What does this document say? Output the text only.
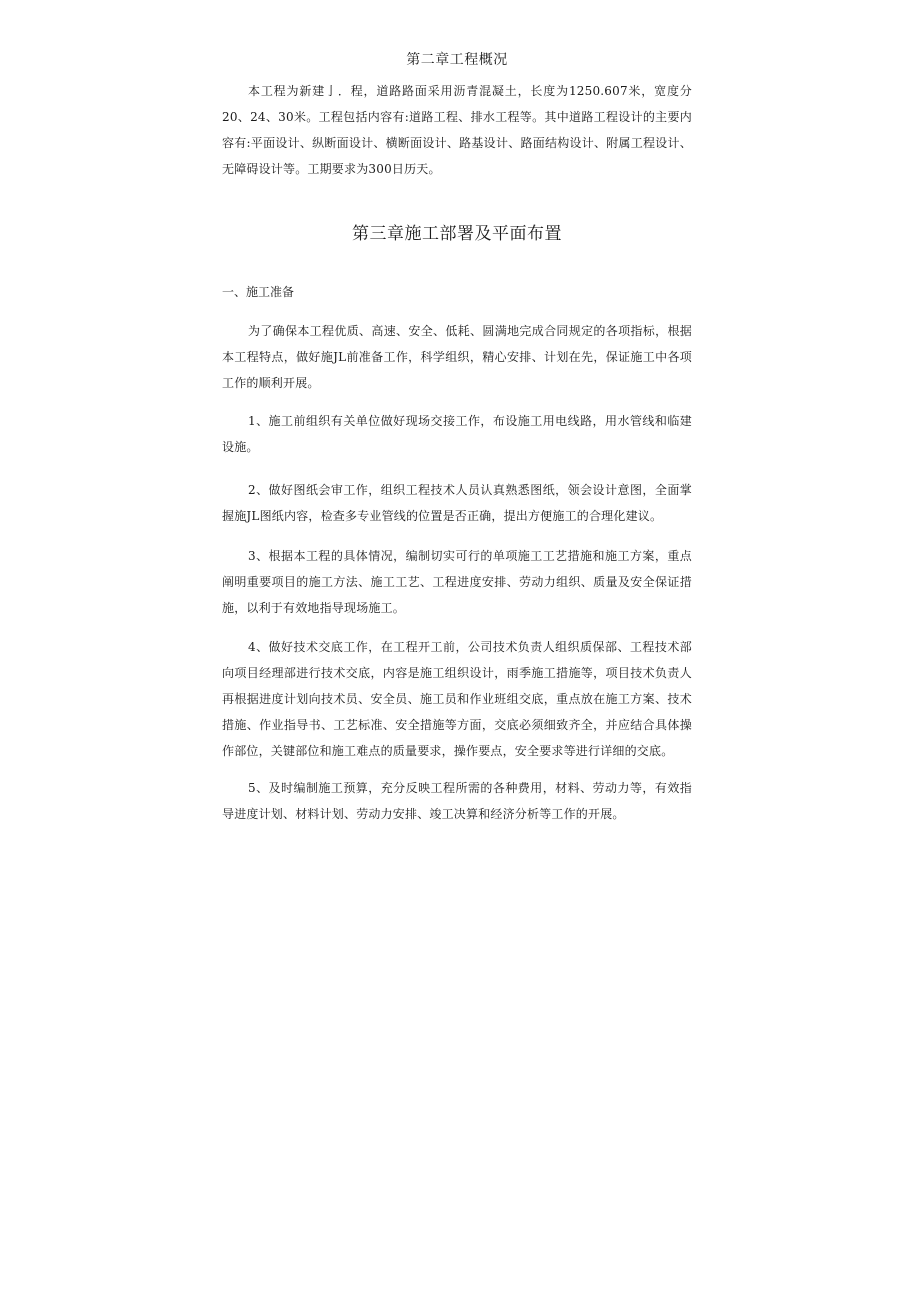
第二章工程概况

本工程为新建亅．程，道路路面采用沥青混凝土，长度为1250.607米，宽度分20、24、30米。工程包括内容有:道路工程、排水工程等。其中道路工程设计的主要内容有:平面设计、纵断面设计、横断面设计、路基设计、路面结构设计、附属工程设计、无障碍设计等。工期要求为300日历天。

第三章施工部署及平面布置
一、施工准备

为了确保本工程优质、高速、安全、低耗、圆满地完成合同规定的各项指标，根据本工程特点，做好施JL前准备工作，科学组织，精心安排、计划在先，保证施工中各项工作的顺利开展。

1、施工前组织有关单位做好现场交接工作，布设施工用电线路，用水管线和临建设施。

2、做好图纸会审工作，组织工程技术人员认真熟悉图纸，领会设计意图，全面掌握施JL图纸内容，检查多专业管线的位置是否正确，提出方便施工的合理化建议。

3、根据本工程的具体情况，编制切实可行的单项施工工艺措施和施工方案，重点阐明重要项目的施工方法、施工工艺、工程进度安排、劳动力组织、质量及安全保证措施，以利于有效地指导现场施工。

4、做好技术交底工作，在工程开工前，公司技术负责人组织质保部、工程技术部向项目经理部进行技术交底，内容是施工组织设计，雨季施工措施等，项目技术负责人再根据进度计划向技术员、安全员、施工员和作业班组交底，重点放在施工方案、技术措施、作业指导书、工艺标准、安全措施等方面，交底必须细致齐全，并应结合具体操作部位，关键部位和施工难点的质量要求，操作要点，安全要求等进行详细的交底。

5、及时编制施工预算，充分反映工程所需的各种费用，材料、劳动力等，有效指导进度计划、材料计划、劳动力安排、竣工决算和经济分析等工作的开展。
